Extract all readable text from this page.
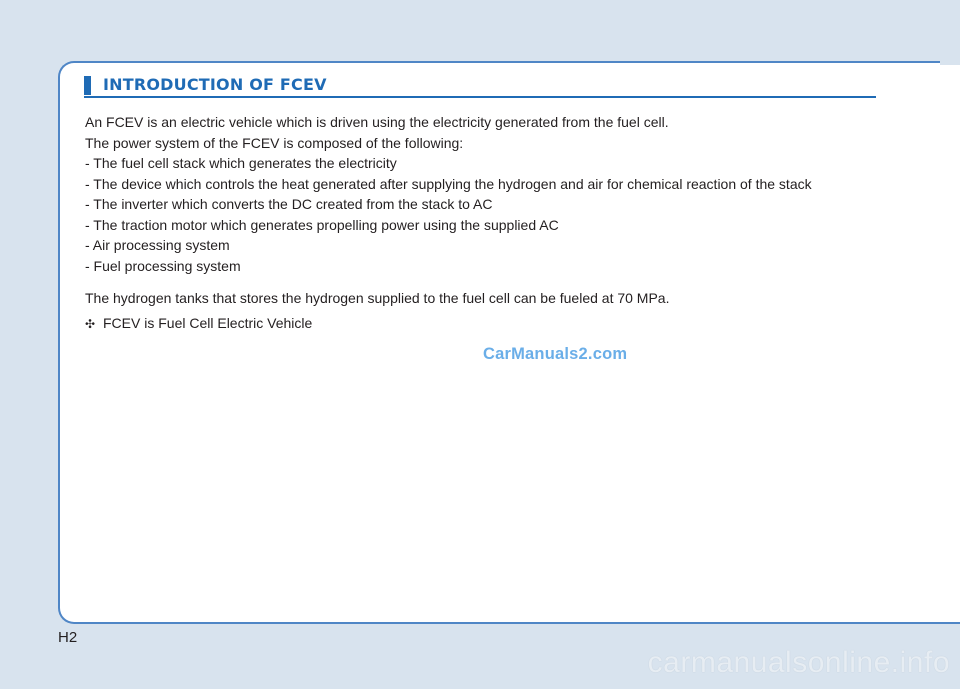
INTRODUCTION OF FCEV
An FCEV is an electric vehicle which is driven using the electricity generated from the fuel cell.
The power system of the FCEV is composed of the following:
- The fuel cell stack which generates the electricity
- The device which controls the heat generated after supplying the hydrogen and air for chemical reaction of the stack
- The inverter which converts the DC created from the stack to AC
- The traction motor which generates propelling power using the supplied AC
- Air processing system
- Fuel processing system
The hydrogen tanks that stores the hydrogen supplied to the fuel cell can be fueled at 70 MPa.
✣ FCEV is Fuel Cell Electric Vehicle
CarManuals2.com
H2
carmanualsonline.info
